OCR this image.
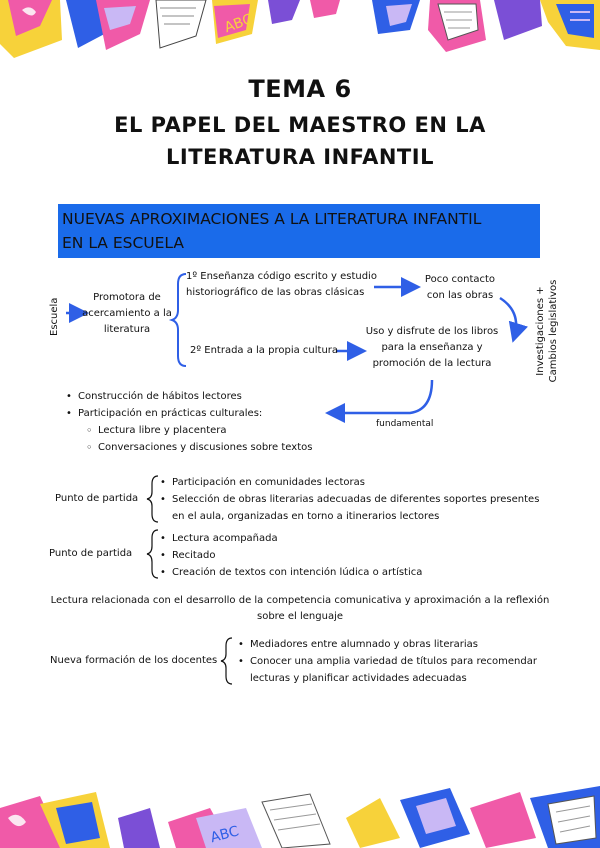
ABC
TEMA 6
EL PAPEL DEL MAESTRO EN LA
LITERATURA INFANTIL
NUEVAS APROXIMACIONES A LA LITERATURA INFANTIL
EN LA ESCUELA
Escuela
Promotora de
acercamiento a la
literatura
1º Enseñanza código escrito y estudio
historiográfico de las obras clásicas
Poco contacto
con las obras	Investigaciones + Cambios legislativos
2º Entrada a la propia cultura
Uso y disfrute de los libros
para la enseñanza y
promoción de la lectura
fundamental
• Construcción de hábitos lectores
• Participación en prácticas culturales:
◦ Lectura libre y placentera
◦ Conversaciones y discusiones sobre textos
Punto de partida
• Participación en comunidades lectoras
• Selección de obras literarias adecuadas de diferentes soportes presentes
en el aula, organizadas en torno a itinerarios lectores
Punto de partida
• Lectura acompañada
• Recitado
• Creación de textos con intención lúdica o artística
Lectura relacionada con el desarrollo de la competencia comunicativa y aproximación a la reflexión
sobre el lenguaje
Nueva formación de los docentes
• Mediadores entre alumnado y obras literarias
• Conocer una amplia variedad de títulos para recomendar
lecturas y planificar actividades adecuadas
ABC
